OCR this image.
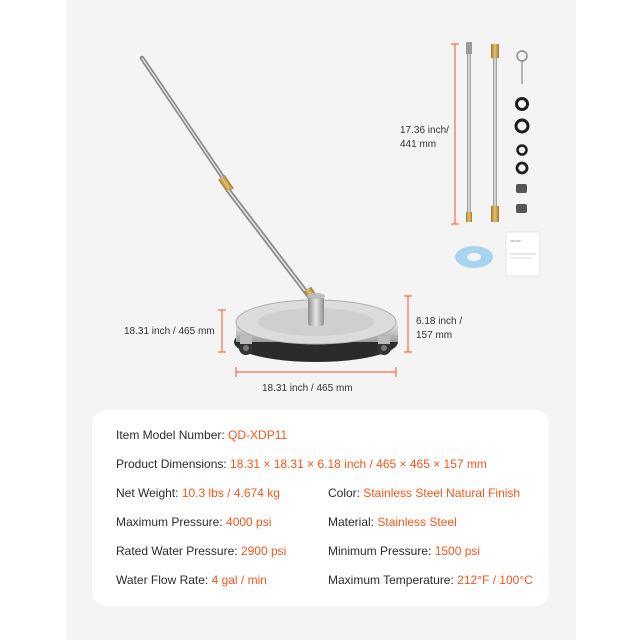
VEVOR
17.36 inch/
441 mm
6.18 inch /
157 mm
18.31 inch / 465 mm
18.31 inch / 465 mm
Item Model Number: QD-XDP11
Product Dimensions: 18.31 × 18.31 × 6.18 inch / 465 × 465 × 157 mm
Net Weight: 10.3 lbs / 4.674 kg	Color: Stainless Steel Natural Finish
Maximum Pressure: 4000 psi	Material: Stainless Steel
Rated Water Pressure: 2900 psi	Minimum Pressure: 1500 psi
Water Flow Rate: 4 gal / min	Maximum Temperature: 212°F / 100°C
